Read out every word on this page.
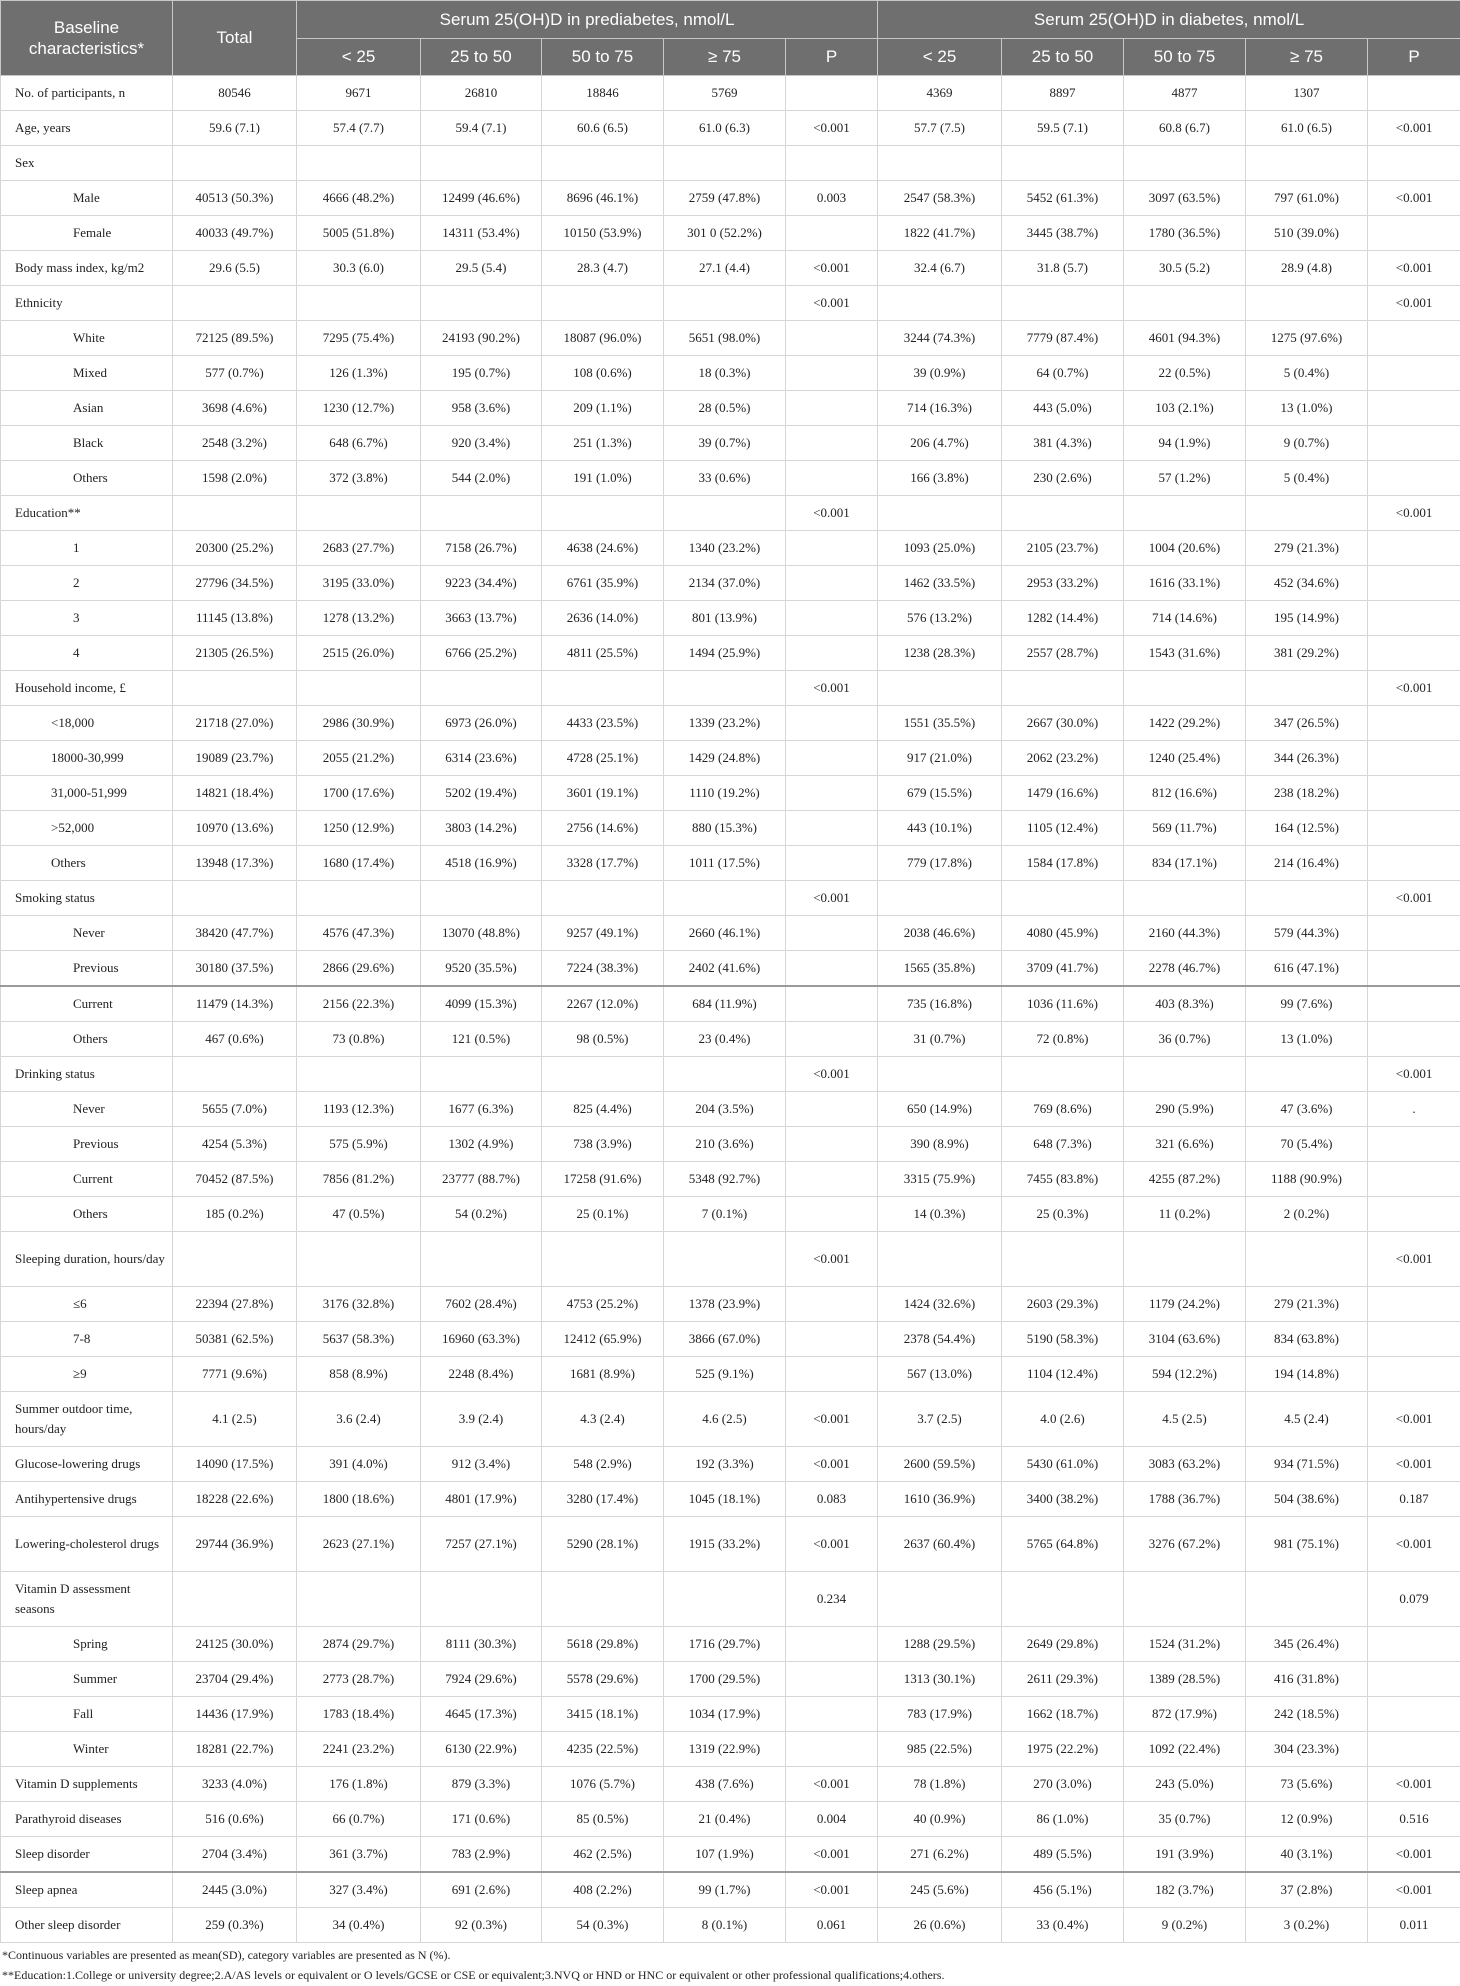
Baseline characteristics*	Total	Serum 25(OH)D in prediabetes, nmol/L					Serum 25(OH)D in diabetes, nmol/L				
		< 25	25 to 50	50 to 75	≥ 75	P	< 25	25 to 50	50 to 75	≥ 75	P
No. of participants, n	80546	9671	26810	18846	5769		4369	8897	4877	1307	
Age, years	59.6 (7.1)	57.4 (7.7)	59.4 (7.1)	60.6 (6.5)	61.0 (6.3)	<0.001	57.7 (7.5)	59.5 (7.1)	60.8 (6.7)	61.0 (6.5)	<0.001
Sex											
Male	40513 (50.3%)	4666 (48.2%)	12499 (46.6%)	8696 (46.1%)	2759 (47.8%)	0.003	2547 (58.3%)	5452 (61.3%)	3097 (63.5%)	797 (61.0%)	<0.001
Female	40033 (49.7%)	5005 (51.8%)	14311 (53.4%)	10150 (53.9%)	301 0 (52.2%)		1822 (41.7%)	3445 (38.7%)	1780 (36.5%)	510 (39.0%)	
Body mass index, kg/m2	29.6 (5.5)	30.3 (6.0)	29.5 (5.4)	28.3 (4.7)	27.1 (4.4)	<0.001	32.4 (6.7)	31.8 (5.7)	30.5 (5.2)	28.9 (4.8)	<0.001
Ethnicity						<0.001					<0.001
White	72125 (89.5%)	7295 (75.4%)	24193 (90.2%)	18087 (96.0%)	5651 (98.0%)		3244 (74.3%)	7779 (87.4%)	4601 (94.3%)	1275 (97.6%)	
Mixed	577 (0.7%)	126 (1.3%)	195 (0.7%)	108 (0.6%)	18 (0.3%)		39 (0.9%)	64 (0.7%)	22 (0.5%)	5 (0.4%)	
Asian	3698 (4.6%)	1230 (12.7%)	958 (3.6%)	209 (1.1%)	28 (0.5%)		714 (16.3%)	443 (5.0%)	103 (2.1%)	13 (1.0%)	
Black	2548 (3.2%)	648 (6.7%)	920 (3.4%)	251 (1.3%)	39 (0.7%)		206 (4.7%)	381 (4.3%)	94 (1.9%)	9 (0.7%)	
Others	1598 (2.0%)	372 (3.8%)	544 (2.0%)	191 (1.0%)	33 (0.6%)		166 (3.8%)	230 (2.6%)	57 (1.2%)	5 (0.4%)	
Education**						<0.001					<0.001
1	20300 (25.2%)	2683 (27.7%)	7158 (26.7%)	4638 (24.6%)	1340 (23.2%)		1093 (25.0%)	2105 (23.7%)	1004 (20.6%)	279 (21.3%)	
2	27796 (34.5%)	3195 (33.0%)	9223 (34.4%)	6761 (35.9%)	2134 (37.0%)		1462 (33.5%)	2953 (33.2%)	1616 (33.1%)	452 (34.6%)	
3	11145 (13.8%)	1278 (13.2%)	3663 (13.7%)	2636 (14.0%)	801 (13.9%)		576 (13.2%)	1282 (14.4%)	714 (14.6%)	195 (14.9%)	
4	21305 (26.5%)	2515 (26.0%)	6766 (25.2%)	4811 (25.5%)	1494 (25.9%)		1238 (28.3%)	2557 (28.7%)	1543 (31.6%)	381 (29.2%)	
Household income, £						<0.001					<0.001
<18,000	21718 (27.0%)	2986 (30.9%)	6973 (26.0%)	4433 (23.5%)	1339 (23.2%)		1551 (35.5%)	2667 (30.0%)	1422 (29.2%)	347 (26.5%)	
18000-30,999	19089 (23.7%)	2055 (21.2%)	6314 (23.6%)	4728 (25.1%)	1429 (24.8%)		917 (21.0%)	2062 (23.2%)	1240 (25.4%)	344 (26.3%)	
31,000-51,999	14821 (18.4%)	1700 (17.6%)	5202 (19.4%)	3601 (19.1%)	1110 (19.2%)		679 (15.5%)	1479 (16.6%)	812 (16.6%)	238 (18.2%)	
>52,000	10970 (13.6%)	1250 (12.9%)	3803 (14.2%)	2756 (14.6%)	880 (15.3%)		443 (10.1%)	1105 (12.4%)	569 (11.7%)	164 (12.5%)	
Others	13948 (17.3%)	1680 (17.4%)	4518 (16.9%)	3328 (17.7%)	1011 (17.5%)		779 (17.8%)	1584 (17.8%)	834 (17.1%)	214 (16.4%)	
Smoking status						<0.001					<0.001
Never	38420 (47.7%)	4576 (47.3%)	13070 (48.8%)	9257 (49.1%)	2660 (46.1%)		2038 (46.6%)	4080 (45.9%)	2160 (44.3%)	579 (44.3%)	
Previous	30180 (37.5%)	2866 (29.6%)	9520 (35.5%)	7224 (38.3%)	2402 (41.6%)		1565 (35.8%)	3709 (41.7%)	2278 (46.7%)	616 (47.1%)	
Current	11479 (14.3%)	2156 (22.3%)	4099 (15.3%)	2267 (12.0%)	684 (11.9%)		735 (16.8%)	1036 (11.6%)	403 (8.3%)	99 (7.6%)	
Others	467 (0.6%)	73 (0.8%)	121 (0.5%)	98 (0.5%)	23 (0.4%)		31 (0.7%)	72 (0.8%)	36 (0.7%)	13 (1.0%)	
Drinking status						<0.001					<0.001
Never	5655 (7.0%)	1193 (12.3%)	1677 (6.3%)	825 (4.4%)	204 (3.5%)		650 (14.9%)	769 (8.6%)	290 (5.9%)	47 (3.6%)	.
Previous	4254 (5.3%)	575 (5.9%)	1302 (4.9%)	738 (3.9%)	210 (3.6%)		390 (8.9%)	648 (7.3%)	321 (6.6%)	70 (5.4%)	
Current	70452 (87.5%)	7856 (81.2%)	23777 (88.7%)	17258 (91.6%)	5348 (92.7%)		3315 (75.9%)	7455 (83.8%)	4255 (87.2%)	1188 (90.9%)	
Others	185 (0.2%)	47 (0.5%)	54 (0.2%)	25 (0.1%)	7 (0.1%)		14 (0.3%)	25 (0.3%)	11 (0.2%)	2 (0.2%)	
Sleeping duration, hours/day						<0.001					<0.001
≤6	22394 (27.8%)	3176 (32.8%)	7602 (28.4%)	4753 (25.2%)	1378 (23.9%)		1424 (32.6%)	2603 (29.3%)	1179 (24.2%)	279 (21.3%)	
7-8	50381 (62.5%)	5637 (58.3%)	16960 (63.3%)	12412 (65.9%)	3866 (67.0%)		2378 (54.4%)	5190 (58.3%)	3104 (63.6%)	834 (63.8%)	
≥9	7771 (9.6%)	858 (8.9%)	2248 (8.4%)	1681 (8.9%)	525 (9.1%)		567 (13.0%)	1104 (12.4%)	594 (12.2%)	194 (14.8%)	
Summer outdoor time, hours/day	4.1 (2.5)	3.6 (2.4)	3.9 (2.4)	4.3 (2.4)	4.6 (2.5)	<0.001	3.7 (2.5)	4.0 (2.6)	4.5 (2.5)	4.5 (2.4)	<0.001
Glucose-lowering drugs	14090 (17.5%)	391 (4.0%)	912 (3.4%)	548 (2.9%)	192 (3.3%)	<0.001	2600 (59.5%)	5430 (61.0%)	3083 (63.2%)	934 (71.5%)	<0.001
Antihypertensive drugs	18228 (22.6%)	1800 (18.6%)	4801 (17.9%)	3280 (17.4%)	1045 (18.1%)	0.083	1610 (36.9%)	3400 (38.2%)	1788 (36.7%)	504 (38.6%)	0.187
Lowering-cholesterol drugs	29744 (36.9%)	2623 (27.1%)	7257 (27.1%)	5290 (28.1%)	1915 (33.2%)	<0.001	2637 (60.4%)	5765 (64.8%)	3276 (67.2%)	981 (75.1%)	<0.001
Vitamin D assessment seasons						0.234					0.079
Spring	24125 (30.0%)	2874 (29.7%)	8111 (30.3%)	5618 (29.8%)	1716 (29.7%)		1288 (29.5%)	2649 (29.8%)	1524 (31.2%)	345 (26.4%)	
Summer	23704 (29.4%)	2773 (28.7%)	7924 (29.6%)	5578 (29.6%)	1700 (29.5%)		1313 (30.1%)	2611 (29.3%)	1389 (28.5%)	416 (31.8%)	
Fall	14436 (17.9%)	1783 (18.4%)	4645 (17.3%)	3415 (18.1%)	1034 (17.9%)		783 (17.9%)	1662 (18.7%)	872 (17.9%)	242 (18.5%)	
Winter	18281 (22.7%)	2241 (23.2%)	6130 (22.9%)	4235 (22.5%)	1319 (22.9%)		985 (22.5%)	1975 (22.2%)	1092 (22.4%)	304 (23.3%)	
Vitamin D supplements	3233 (4.0%)	176 (1.8%)	879 (3.3%)	1076 (5.7%)	438 (7.6%)	<0.001	78 (1.8%)	270 (3.0%)	243 (5.0%)	73 (5.6%)	<0.001
Parathyroid diseases	516 (0.6%)	66 (0.7%)	171 (0.6%)	85 (0.5%)	21 (0.4%)	0.004	40 (0.9%)	86 (1.0%)	35 (0.7%)	12 (0.9%)	0.516
Sleep disorder	2704 (3.4%)	361 (3.7%)	783 (2.9%)	462 (2.5%)	107 (1.9%)	<0.001	271 (6.2%)	489 (5.5%)	191 (3.9%)	40 (3.1%)	<0.001
Sleep apnea	2445 (3.0%)	327 (3.4%)	691 (2.6%)	408 (2.2%)	99 (1.7%)	<0.001	245 (5.6%)	456 (5.1%)	182 (3.7%)	37 (2.8%)	<0.001
Other sleep disorder	259 (0.3%)	34 (0.4%)	92 (0.3%)	54 (0.3%)	8 (0.1%)	0.061	26 (0.6%)	33 (0.4%)	9 (0.2%)	3 (0.2%)	0.011
*Continuous variables are presented as mean(SD), category variables are presented as N (%).
**Education:1.College or university degree;2.A/AS levels or equivalent or O levels/GCSE or CSE or equivalent;3.NVQ or HND or HNC or equivalent or other professional qualifications;4.others.
